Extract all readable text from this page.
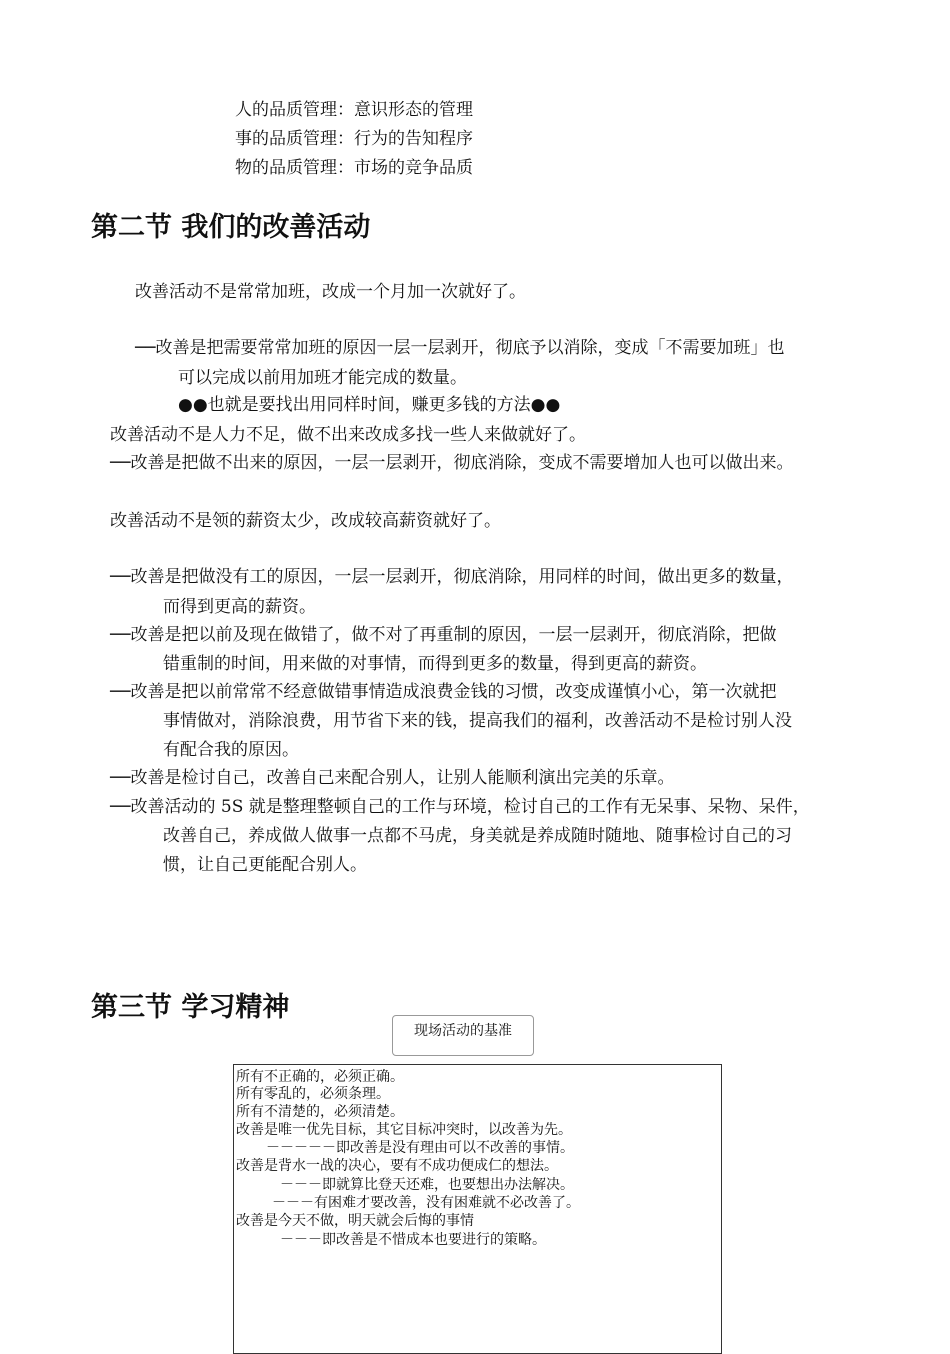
人的品质管理：意识形态的管理
事的品质管理：行为的告知程序
物的品质管理：市场的竞争品质
第二节 我们的改善活动
改善活动不是常常加班，改成一个月加一次就好了。
──改善是把需要常常加班的原因一层一层剥开，彻底予以消除，变成「不需要加班」也
可以完成以前用加班才能完成的数量。
●●也就是要找出用同样时间，赚更多钱的方法●●
改善活动不是人力不足，做不出来改成多找一些人来做就好了。
──改善是把做不出来的原因，一层一层剥开，彻底消除，变成不需要增加人也可以做出来。
改善活动不是领的薪资太少，改成较高薪资就好了。
──改善是把做没有工的原因，一层一层剥开，彻底消除，用同样的时间，做出更多的数量，
而得到更高的薪资。
──改善是把以前及现在做错了，做不对了再重制的原因，一层一层剥开，彻底消除，把做
错重制的时间，用来做的对事情，而得到更多的数量，得到更高的薪资。
──改善是把以前常常不经意做错事情造成浪费金钱的习惯，改变成谨慎小心，第一次就把
事情做对，消除浪费，用节省下来的钱，提高我们的福利，改善活动不是检讨别人没
有配合我的原因。
──改善是检讨自己，改善自己来配合别人，让别人能顺利演出完美的乐章。
──改善活动的 5S 就是整理整顿自己的工作与环境，检讨自己的工作有无呆事、呆物、呆件，
改善自己，养成做人做事一点都不马虎，身美就是养成随时随地、随事检讨自己的习
惯，让自己更能配合别人。
第三节 学习精神
现场活动的基准
所有不正确的，必须正确。
所有零乱的，必须条理。
所有不清楚的，必须清楚。
改善是唯一优先目标，其它目标冲突时，以改善为先。
－－－－－即改善是没有理由可以不改善的事情。
改善是背水一战的决心，要有不成功便成仁的想法。
－－－即就算比登天还难，也要想出办法解决。
－－－有困难才要改善，没有困难就不必改善了。
改善是今天不做，明天就会后悔的事情
－－－即改善是不惜成本也要进行的策略。
